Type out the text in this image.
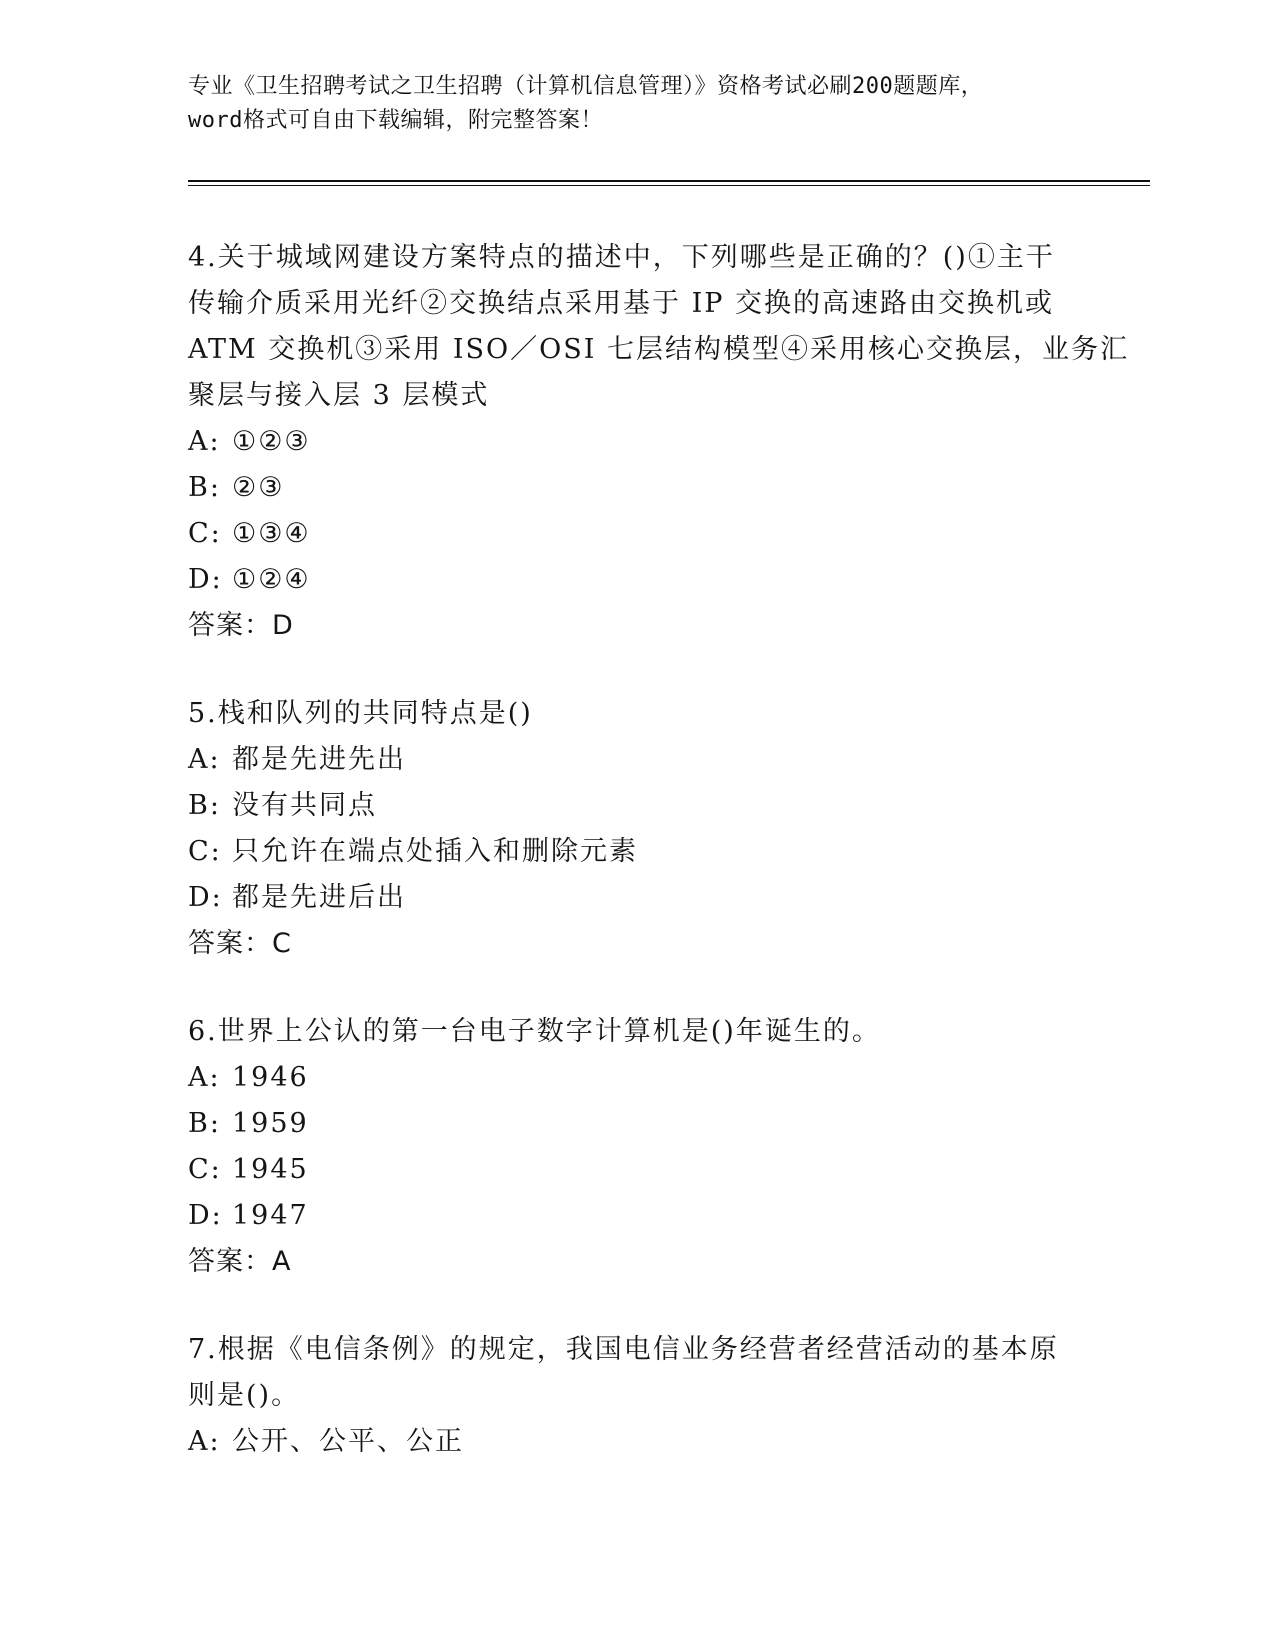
专业《卫生招聘考试之卫生招聘（计算机信息管理）》资格考试必刷200题题库，
word格式可自由下载编辑，附完整答案！
4.关于城域网建设方案特点的描述中，下列哪些是正确的？()①主干
传输介质采用光纤②交换结点采用基于 IP 交换的高速路由交换机或
ATM 交换机③采用 ISO／OSI 七层结构模型④采用核心交换层，业务汇
聚层与接入层 3 层模式
A: ①②③
B: ②③
C: ①③④
D: ①②④
答案：D
5.栈和队列的共同特点是()
A: 都是先进先出
B: 没有共同点
C: 只允许在端点处插入和删除元素
D: 都是先进后出
答案：C
6.世界上公认的第一台电子数字计算机是()年诞生的。
A: 1946
B: 1959
C: 1945
D: 1947
答案：A
7.根据《电信条例》的规定，我国电信业务经营者经营活动的基本原
则是()。
A: 公开、公平、公正
